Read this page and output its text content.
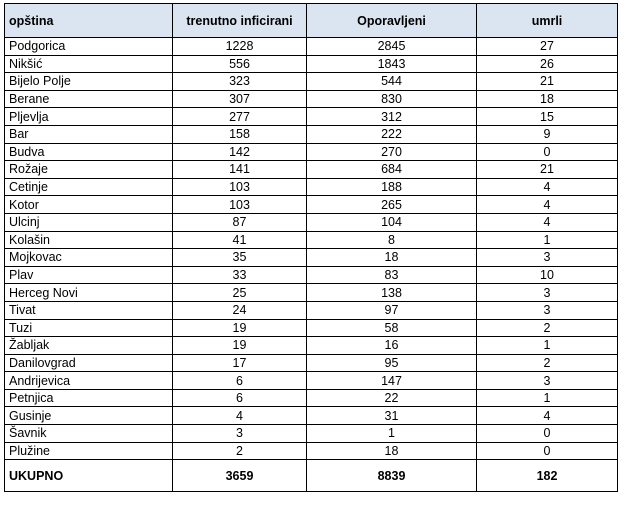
opština	trenutno inficirani	Oporavljeni	umrli
Podgorica	1228	2845	27
Nikšić	556	1843	26
Bijelo Polje	323	544	21
Berane	307	830	18
Pljevlja	277	312	15
Bar	158	222	9
Budva	142	270	0
Rožaje	141	684	21
Cetinje	103	188	4
Kotor	103	265	4
Ulcinj	87	104	4
Kolašin	41	8	1
Mojkovac	35	18	3
Plav	33	83	10
Herceg Novi	25	138	3
Tivat	24	97	3
Tuzi	19	58	2
Žabljak	19	16	1
Danilovgrad	17	95	2
Andrijevica	6	147	3
Petnjica	6	22	1
Gusinje	4	31	4
Šavnik	3	1	0
Plužine	2	18	0
UKUPNO	3659	8839	182
